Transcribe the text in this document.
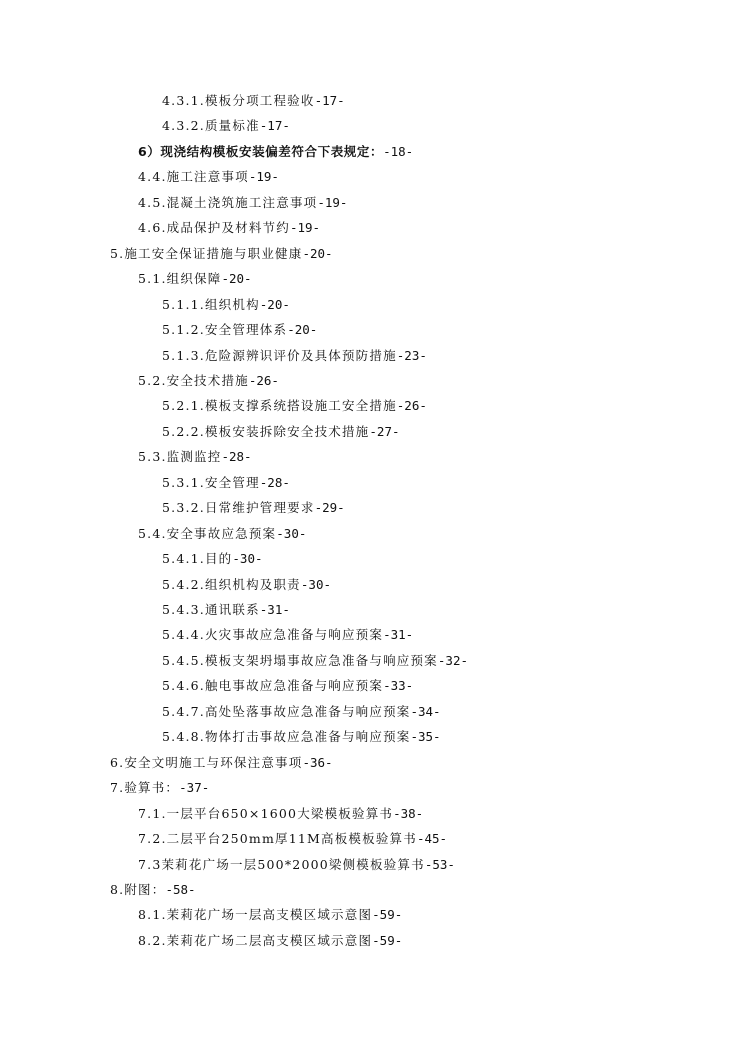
4.3.1.模板分项工程验收-17-
4.3.2.质量标准-17-
6）现浇结构模板安装偏差符合下表规定：-18-
4.4.施工注意事项-19-
4.5.混凝土浇筑施工注意事项-19-
4.6.成品保护及材料节约-19-
5.施工安全保证措施与职业健康-20-
5.1.组织保障-20-
5.1.1.组织机构-20-
5.1.2.安全管理体系-20-
5.1.3.危险源辨识评价及具体预防措施-23-
5.2.安全技术措施-26-
5.2.1.模板支撑系统搭设施工安全措施-26-
5.2.2.模板安装拆除安全技术措施-27-
5.3.监测监控-28-
5.3.1.安全管理-28-
5.3.2.日常维护管理要求-29-
5.4.安全事故应急预案-30-
5.4.1.目的-30-
5.4.2.组织机构及职责-30-
5.4.3.通讯联系-31-
5.4.4.火灾事故应急准备与响应预案-31-
5.4.5.模板支架坍塌事故应急准备与响应预案-32-
5.4.6.触电事故应急准备与响应预案-33-
5.4.7.高处坠落事故应急准备与响应预案-34-
5.4.8.物体打击事故应急准备与响应预案-35-
6.安全文明施工与环保注意事项-36-
7.验算书：-37-
7.1.一层平台650×1600大梁模板验算书-38-
7.2.二层平台250mm厚11M高板模板验算书-45-
7.3茉莉花广场一层500*2000梁侧模板验算书-53-
8.附图：-58-
8.1.茉莉花广场一层高支模区域示意图-59-
8.2.茉莉花广场二层高支模区域示意图-59-
